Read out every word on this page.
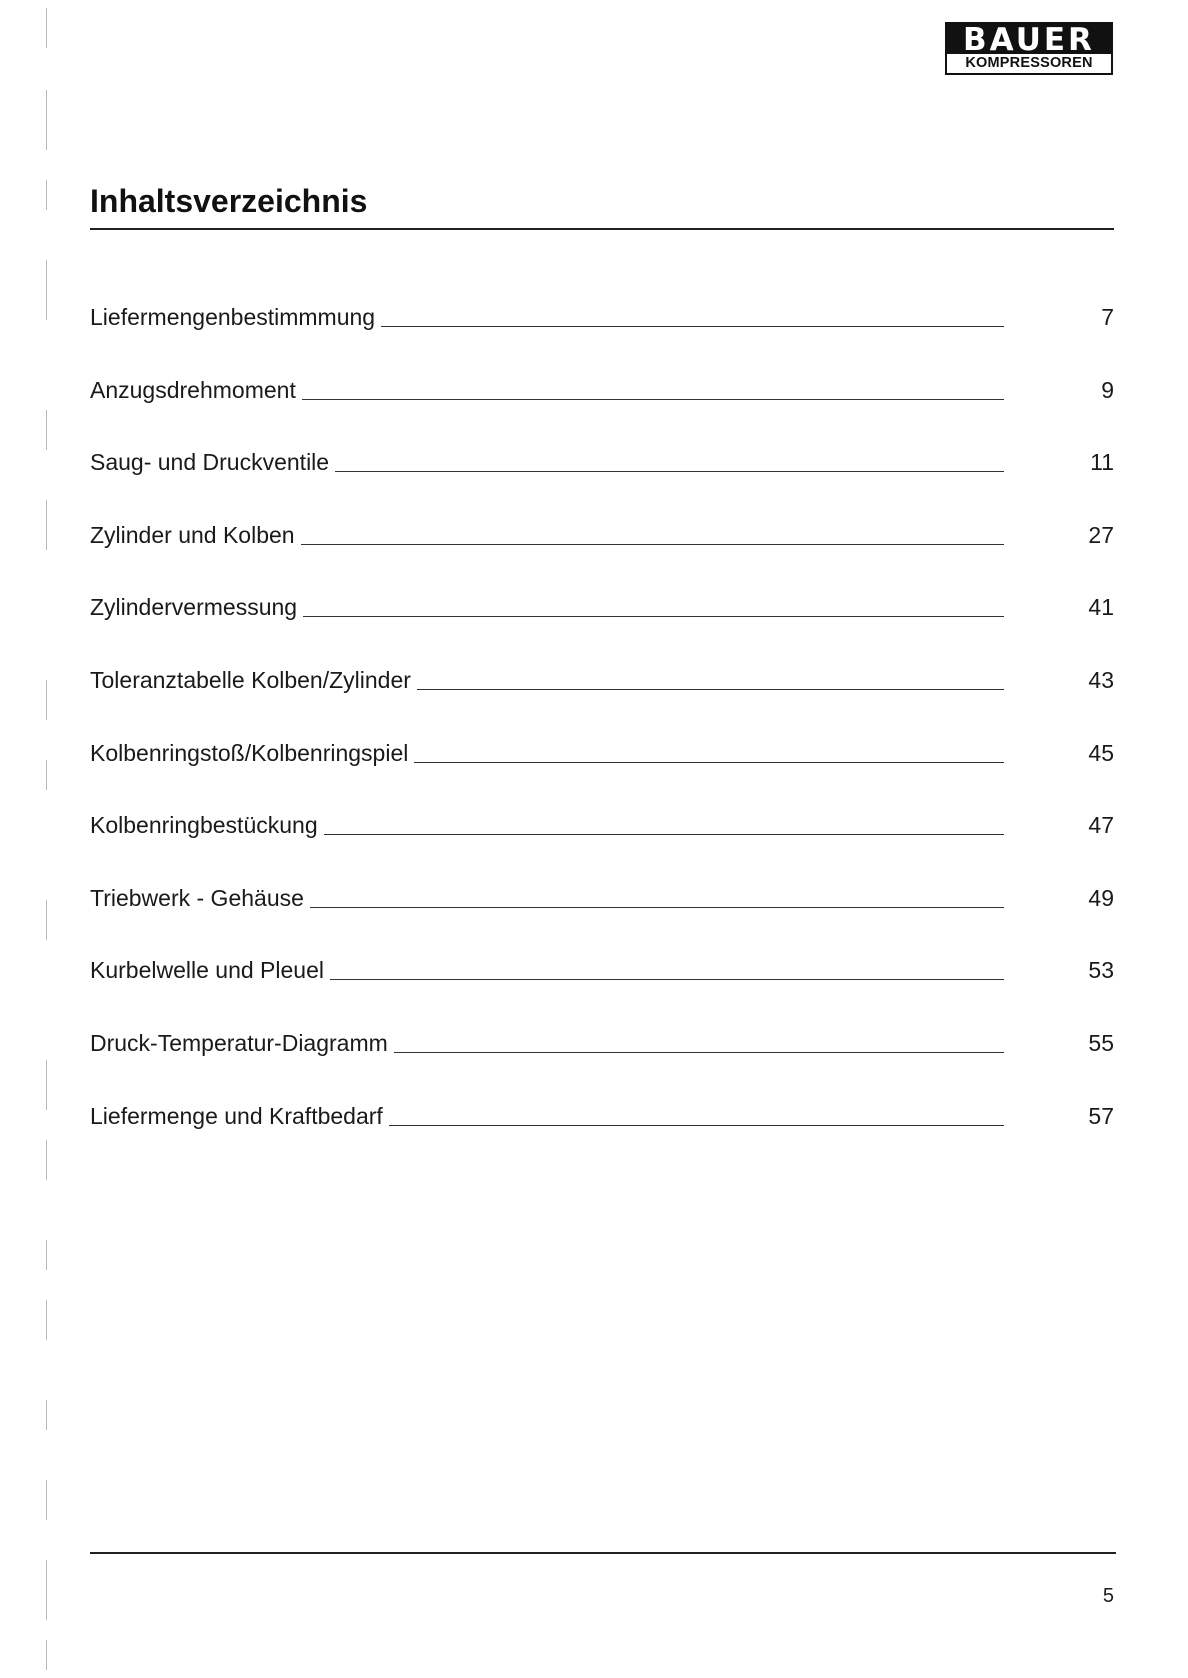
BAUER
KOMPRESSOREN
Inhaltsverzeichnis
Liefermengenbestimmmung	7
Anzugsdrehmoment	9
Saug- und Druckventile	11
Zylinder und Kolben	27
Zylindervermessung	41
Toleranztabelle Kolben/Zylinder	43
Kolbenringstoß/Kolbenringspiel	45
Kolbenringbestückung	47
Triebwerk - Gehäuse	49
Kurbelwelle und Pleuel	53
Druck-Temperatur-Diagramm	55
Liefermenge und Kraftbedarf	57
5
